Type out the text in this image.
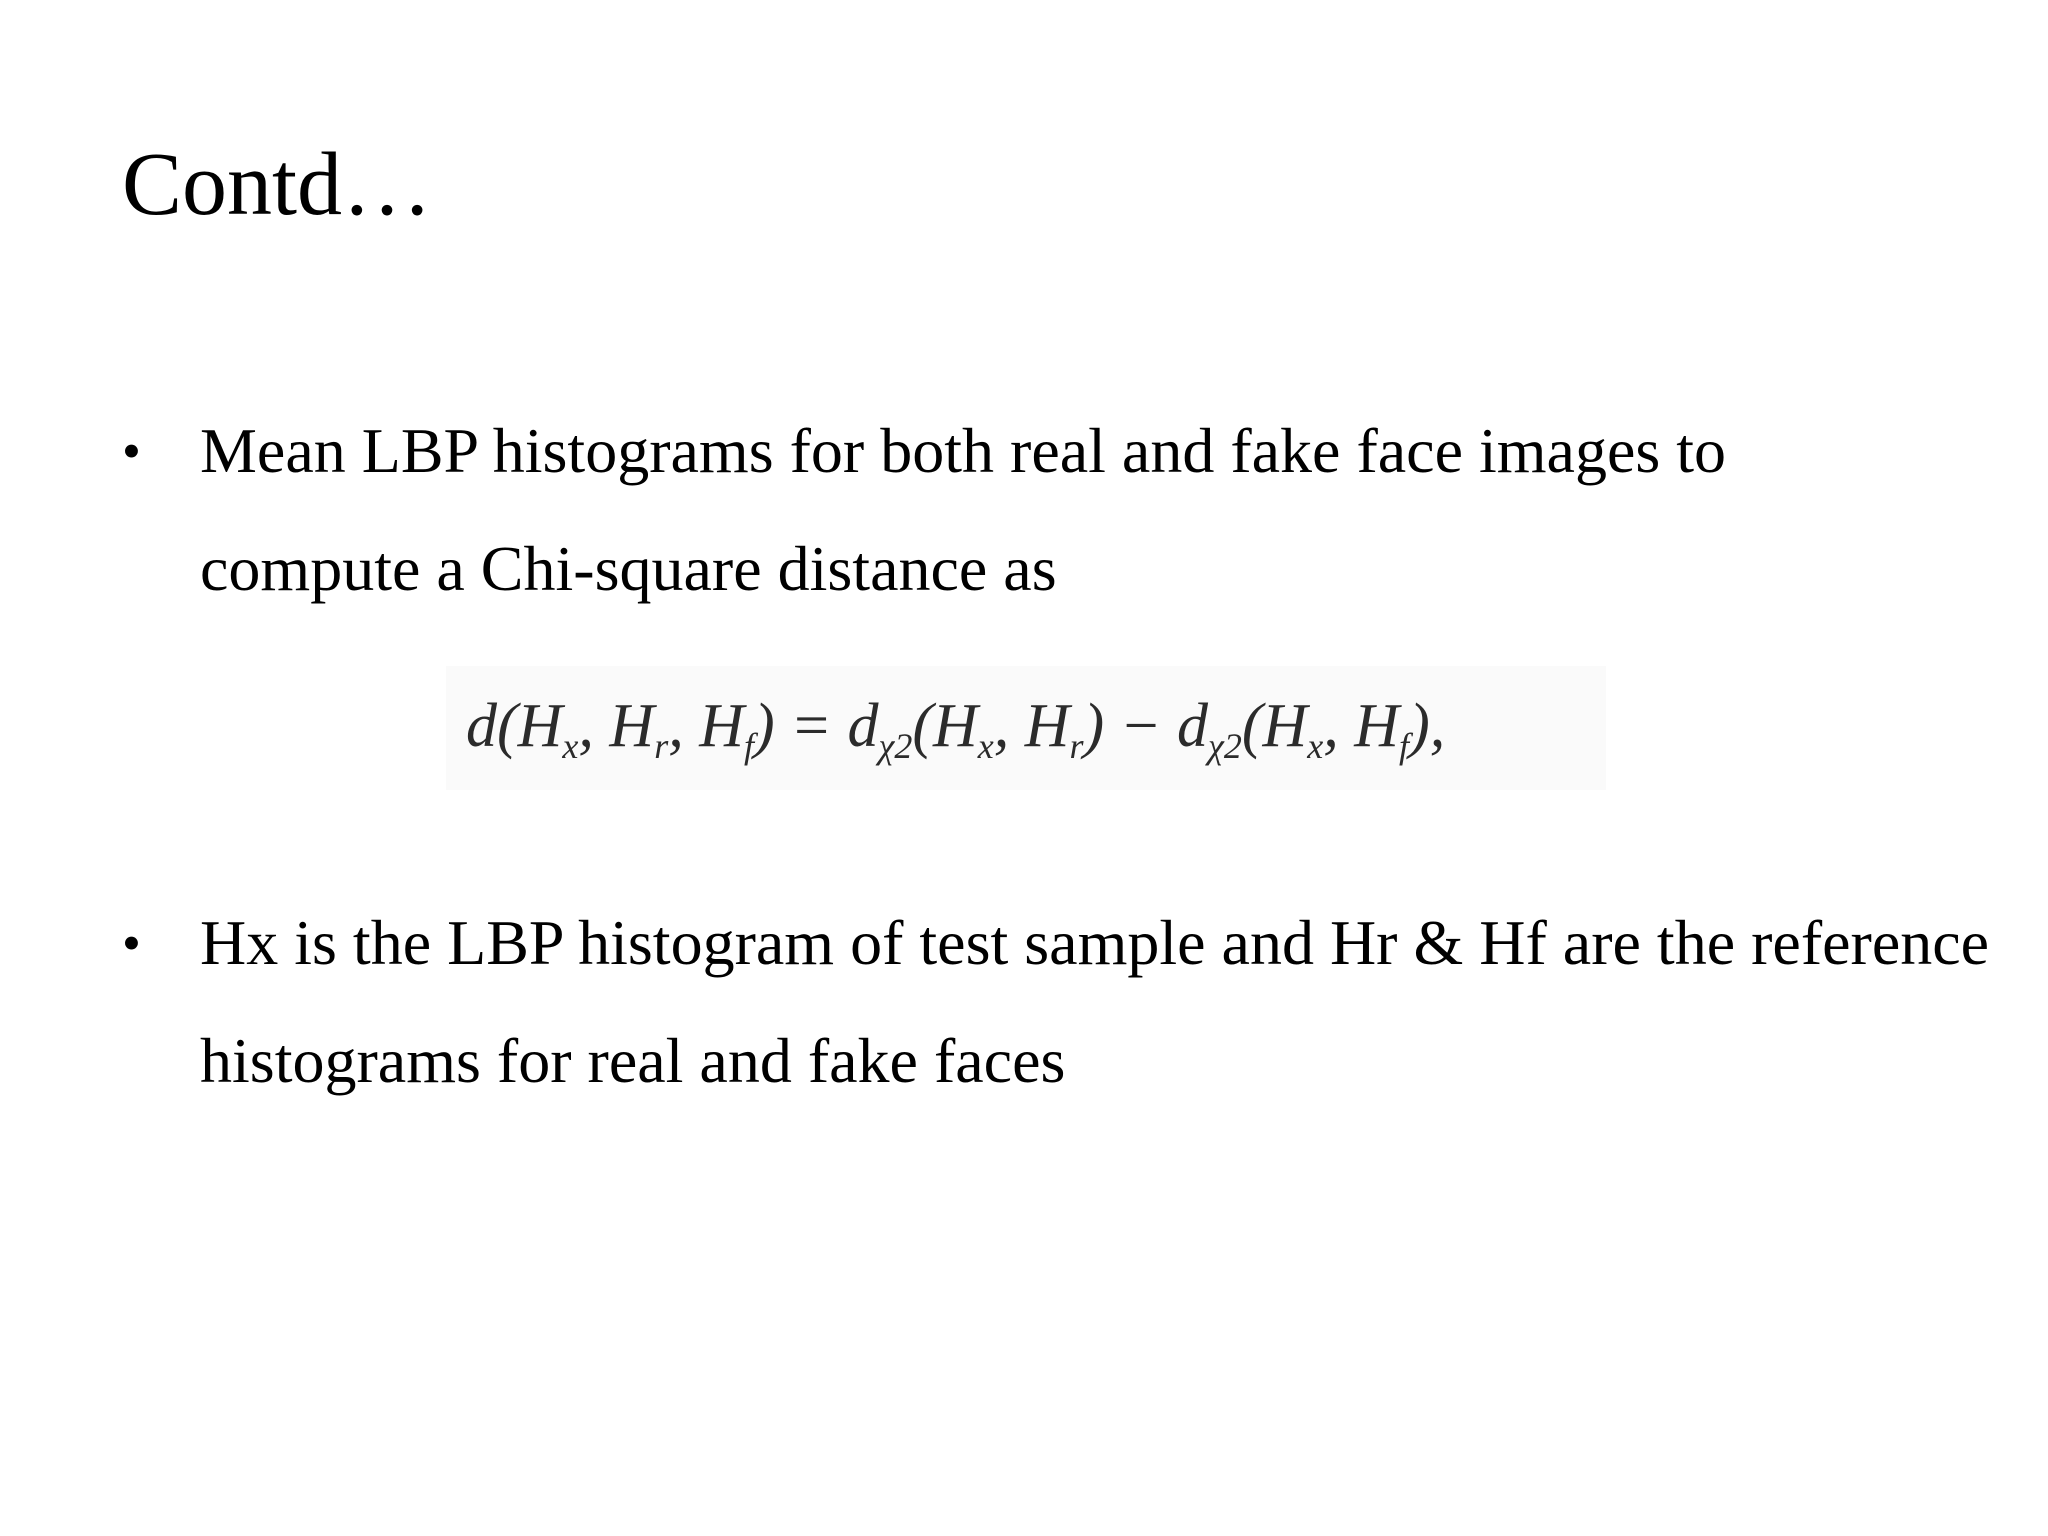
Contd…
• Mean LBP histograms for both real and fake face images to compute a Chi-square distance as
• Hx is the LBP histogram of test sample and Hr & Hf are the reference histograms for real and fake faces
d(Hx, Hr, Hf) = dχ2(Hx, Hr) − dχ2(Hx, Hf),
